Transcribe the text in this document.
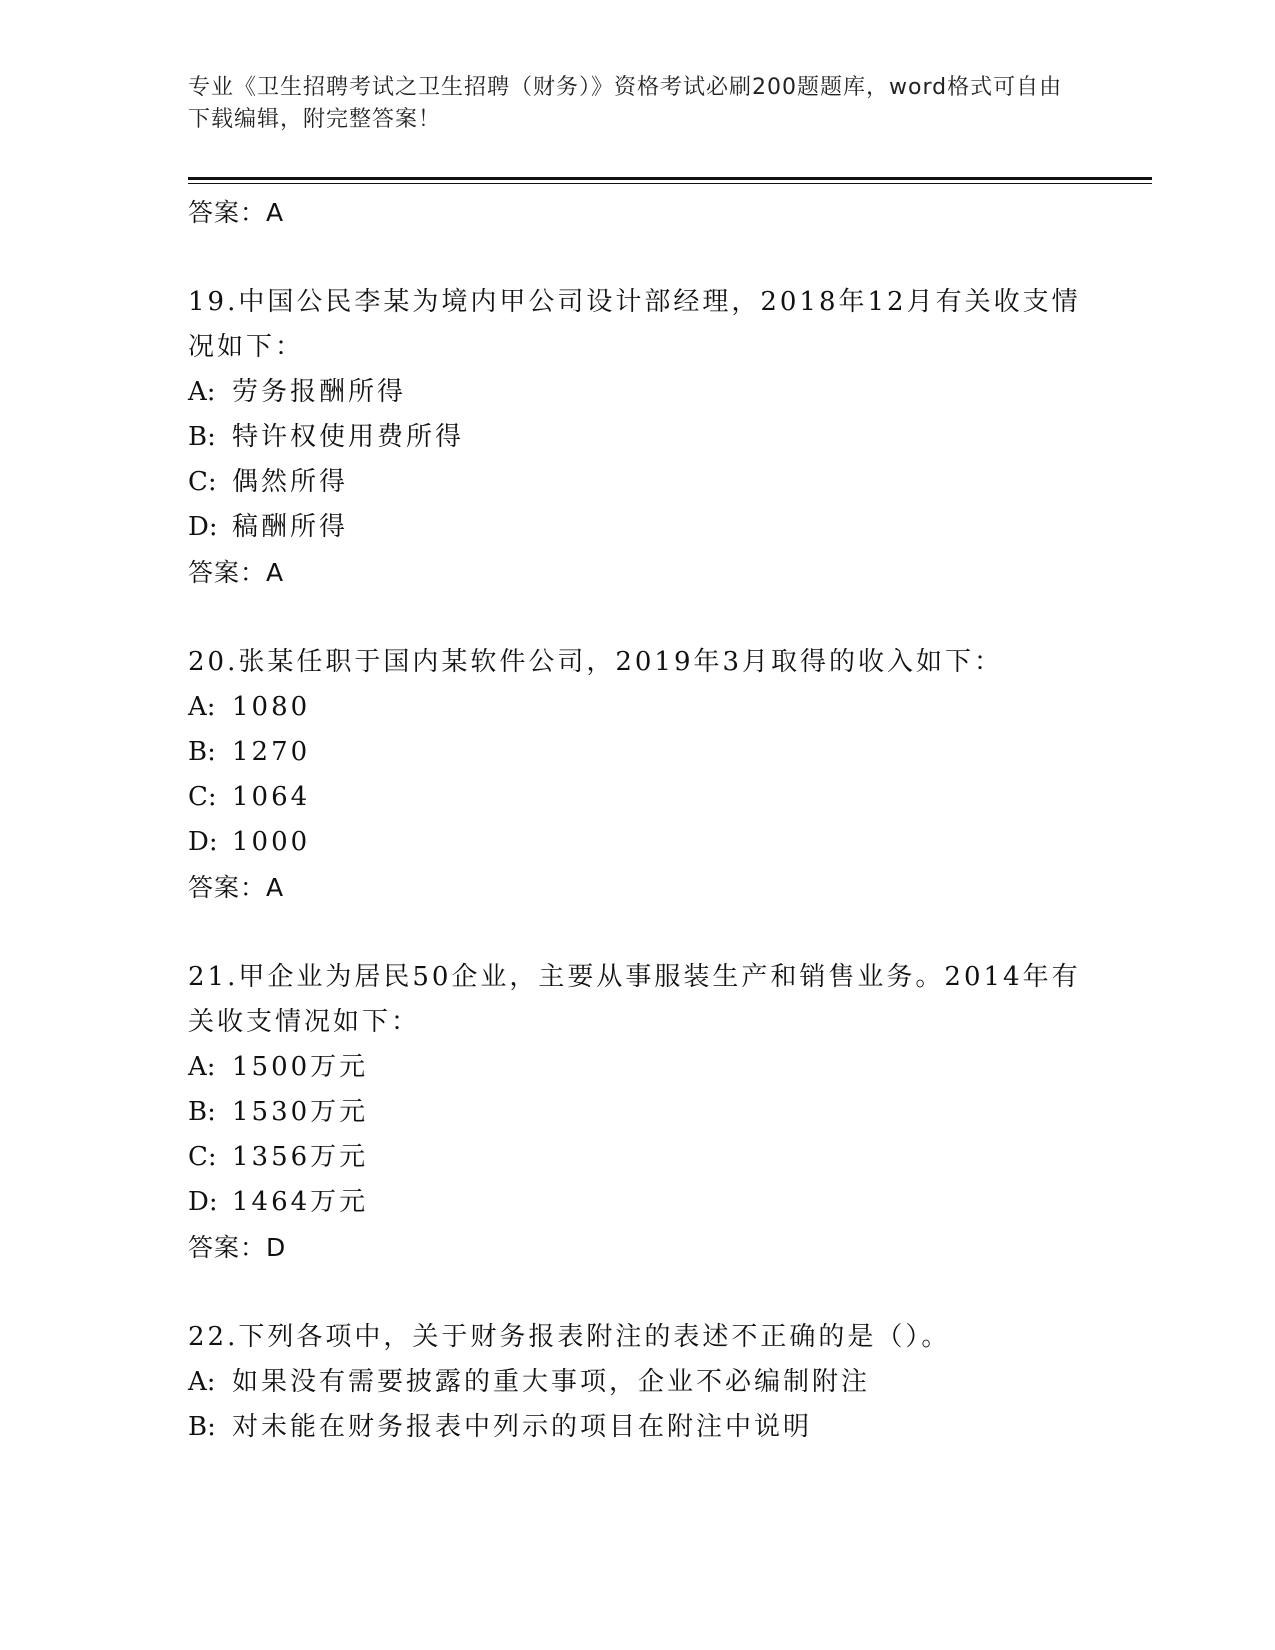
专业《卫生招聘考试之卫生招聘（财务）》资格考试必刷200题题库，word格式可自由下载编辑，附完整答案！
答案：A
19.中国公民李某为境内甲公司设计部经理，2018年12月有关收支情况如下：
A: 劳务报酬所得
B: 特许权使用费所得
C: 偶然所得
D: 稿酬所得
答案：A
20.张某任职于国内某软件公司，2019年3月取得的收入如下：
A: 1080
B: 1270
C: 1064
D: 1000
答案：A
21.甲企业为居民50企业，主要从事服装生产和销售业务。2014年有关收支情况如下：
A: 1500万元
B: 1530万元
C: 1356万元
D: 1464万元
答案：D
22.下列各项中，关于财务报表附注的表述不正确的是（）。
A: 如果没有需要披露的重大事项，企业不必编制附注
B: 对未能在财务报表中列示的项目在附注中说明
